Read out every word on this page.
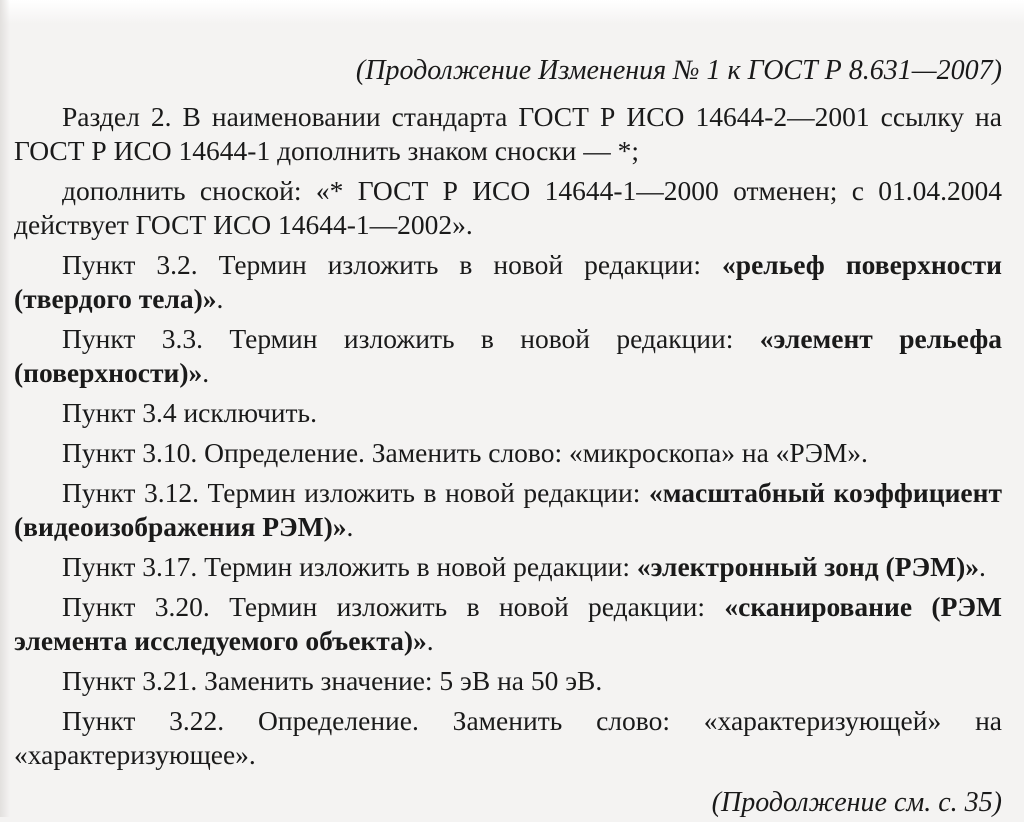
(Продолжение Изменения № 1 к ГОСТ Р 8.631—2007)

Раздел 2. В наименовании стандарта ГОСТ Р ИСО 14644-2—2001 ссылку на ГОСТ Р ИСО 14644-1 дополнить знаком сноски — *;

дополнить сноской: «* ГОСТ Р ИСО 14644-1—2000 отменен; с 01.04.2004 действует ГОСТ ИСО 14644-1—2002».

Пункт 3.2. Термин изложить в новой редакции: «рельеф поверхности (твердого тела)».

Пункт 3.3. Термин изложить в новой редакции: «элемент рельефа (поверхности)».

Пункт 3.4 исключить.

Пункт 3.10. Определение. Заменить слово: «микроскопа» на «РЭМ».

Пункт 3.12. Термин изложить в новой редакции: «масштабный коэффициент (видеоизображения РЭМ)».

Пункт 3.17. Термин изложить в новой редакции: «электронный зонд (РЭМ)».

Пункт 3.20. Термин изложить в новой редакции: «сканирование (РЭМ элемента исследуемого объекта)».

Пункт 3.21. Заменить значение: 5 эВ на 50 эВ.

Пункт 3.22. Определение. Заменить слово: «характеризующей» на «характеризующее».

(Продолжение см. с. 35)
